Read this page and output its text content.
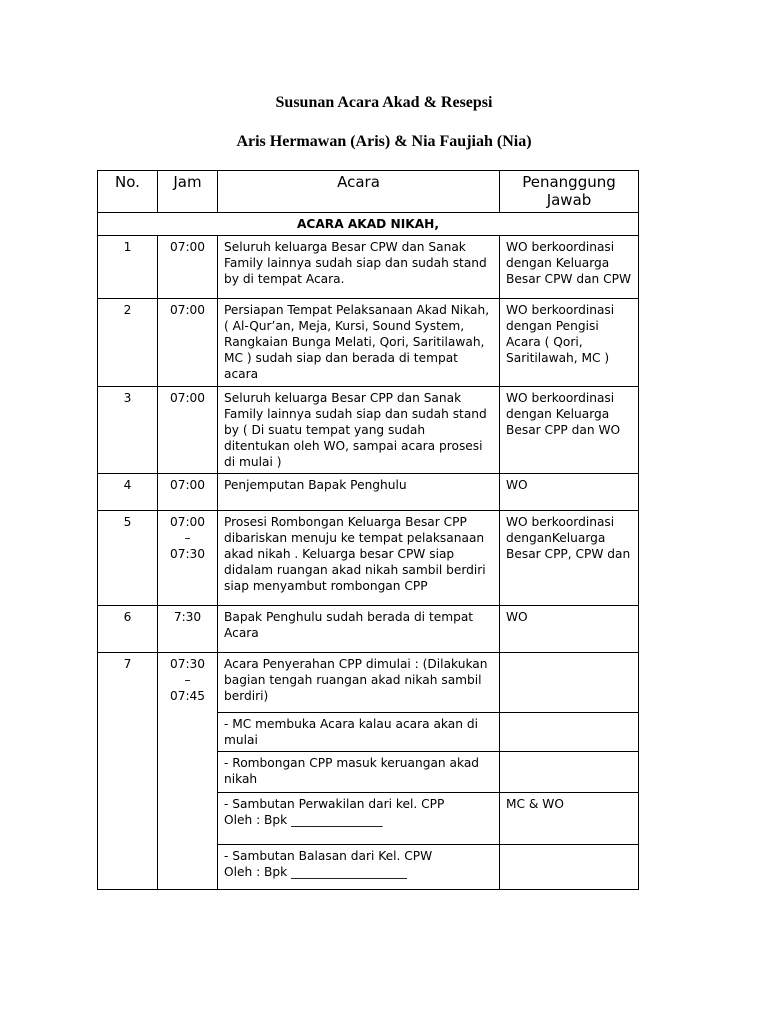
Susunan Acara Akad & Resepsi
Aris Hermawan (Aris) & Nia Faujiah (Nia)
No.	Jam	Acara	Penanggung Jawab
ACARA AKAD NIKAH,			
1	07:00	Seluruh keluarga Besar CPW dan Sanak Family lainnya sudah siap dan sudah stand by di tempat Acara.	WO berkoordinasi dengan Keluarga Besar CPW dan CPW
2	07:00	Persiapan Tempat Pelaksanaan Akad Nikah, ( Al-Qur’an, Meja, Kursi, Sound System, Rangkaian Bunga Melati, Qori, Saritilawah, MC ) sudah siap dan berada di tempat acara	WO berkoordinasi dengan Pengisi Acara ( Qori, Saritilawah, MC )
3	07:00	Seluruh keluarga Besar CPP dan Sanak Family lainnya sudah siap dan sudah stand by ( Di suatu tempat yang sudah ditentukan oleh WO, sampai acara prosesi di mulai )	WO berkoordinasi dengan Keluarga Besar CPP dan WO
4	07:00	Penjemputan Bapak Penghulu	WO
5	07:00
–
07:30	Prosesi Rombongan Keluarga Besar CPP dibariskan menuju ke tempat pelaksanaan akad nikah . Keluarga besar CPW siap didalam ruangan akad nikah sambil berdiri siap menyambut rombongan CPP	WO berkoordinasi denganKeluarga Besar CPP, CPW dan
6	7:30	Bapak Penghulu sudah berada di tempat Acara	WO
7	07:30
–
07:45	Acara Penyerahan CPP dimulai : (Dilakukan bagian tengah ruangan akad nikah sambil berdiri)	
		- MC membuka Acara kalau acara akan di mulai	
		- Rombongan CPP masuk keruangan akad nikah	

		- Sambutan Perwakilan dari kel. CPP
Oleh : Bpk _______________	MC & WO

		- Sambutan Balasan dari Kel. CPW
Oleh : Bpk ___________________	
